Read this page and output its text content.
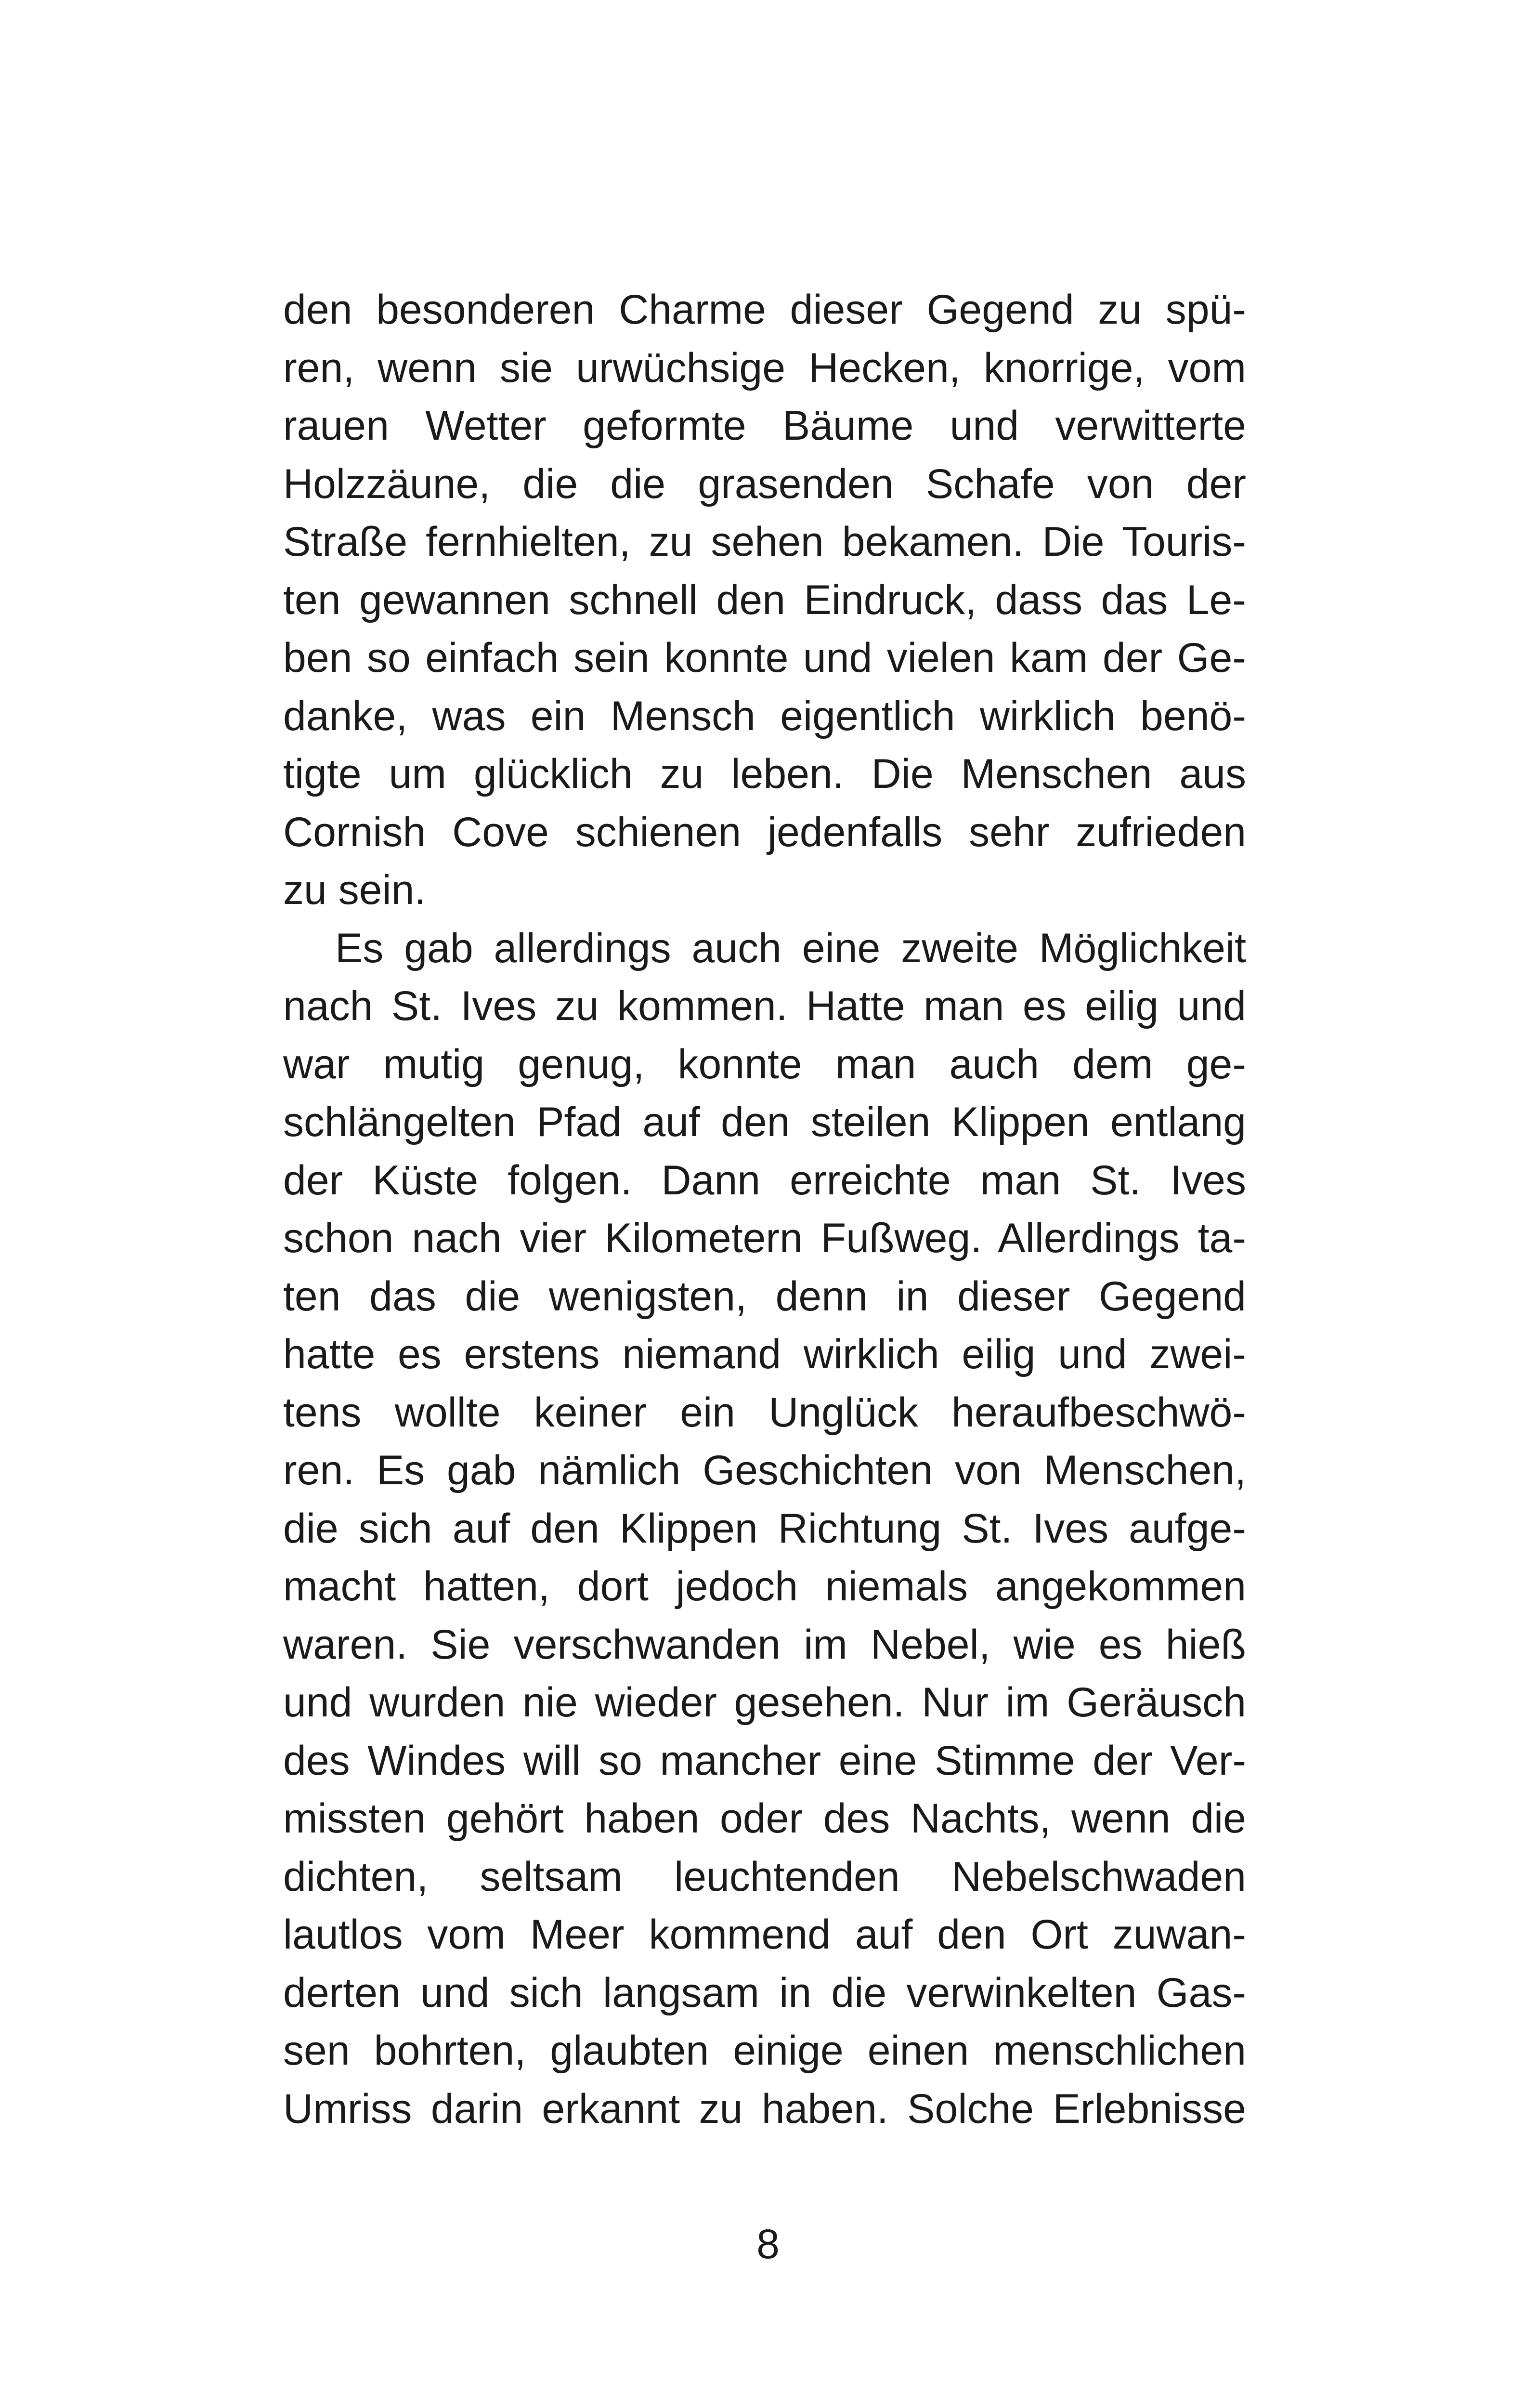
den besonderen Charme dieser Gegend zu spü-
ren, wenn sie urwüchsige Hecken, knorrige, vom
rauen Wetter geformte Bäume und verwitterte
Holzzäune, die die grasenden Schafe von der
Straße fernhielten, zu sehen bekamen. Die Touris-
ten gewannen schnell den Eindruck, dass das Le-
ben so einfach sein konnte und vielen kam der Ge-
danke, was ein Mensch eigentlich wirklich benö-
tigte um glücklich zu leben. Die Menschen aus
Cornish Cove schienen jedenfalls sehr zufrieden
zu sein.
Es gab allerdings auch eine zweite Möglichkeit
nach St. Ives zu kommen. Hatte man es eilig und
war mutig genug, konnte man auch dem ge-
schlängelten Pfad auf den steilen Klippen entlang
der Küste folgen. Dann erreichte man St. Ives
schon nach vier Kilometern Fußweg. Allerdings ta-
ten das die wenigsten, denn in dieser Gegend
hatte es erstens niemand wirklich eilig und zwei-
tens wollte keiner ein Unglück heraufbeschwö-
ren. Es gab nämlich Geschichten von Menschen,
die sich auf den Klippen Richtung St. Ives aufge-
macht hatten, dort jedoch niemals angekommen
waren. Sie verschwanden im Nebel, wie es hieß
und wurden nie wieder gesehen. Nur im Geräusch
des Windes will so mancher eine Stimme der Ver-
missten gehört haben oder des Nachts, wenn die
dichten, seltsam leuchtenden Nebelschwaden
lautlos vom Meer kommend auf den Ort zuwan-
derten und sich langsam in die verwinkelten Gas-
sen bohrten, glaubten einige einen menschlichen
Umriss darin erkannt zu haben. Solche Erlebnisse
8
